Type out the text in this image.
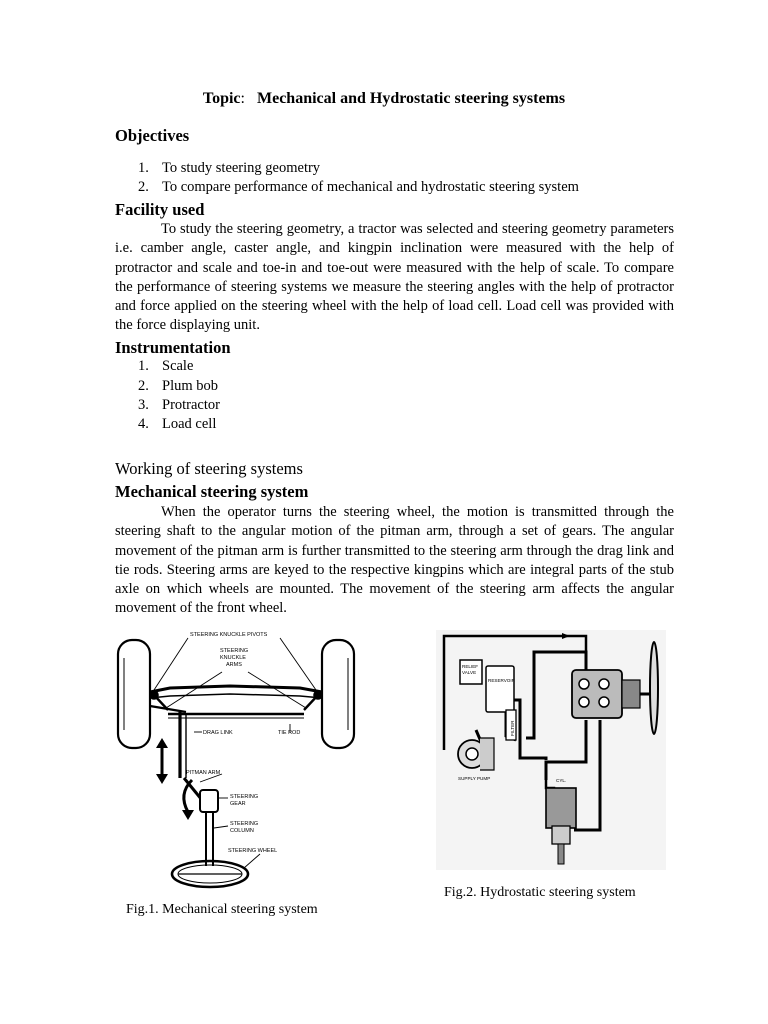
Topic: Mechanical and Hydrostatic steering systems
Objectives
1. To study steering geometry
2. To compare performance of mechanical and hydrostatic steering system
Facility used
To study the steering geometry, a tractor was selected and steering geometry parameters i.e. camber angle, caster angle, and kingpin inclination were measured with the help of protractor and scale and toe-in and toe-out were measured with the help of scale. To compare the performance of steering systems we measure the steering angles with the help of protractor and force applied on the steering wheel with the help of load cell. Load cell was provided with the force displaying unit.
Instrumentation
1. Scale
2. Plum bob
3. Protractor
4. Load cell
Working of steering systems
Mechanical steering system
When the operator turns the steering wheel, the motion is transmitted through the steering shaft to the angular motion of the pitman arm, through a set of gears. The angular movement of the pitman arm is further transmitted to the steering arm through the drag link and tie rods. Steering arms are keyed to the respective kingpins which are integral parts of the stub axle on which wheels are mounted. The movement of the steering arm affects the angular movement of the front wheel.
STEERING KNUCKLE PIVOTS
STEERING
KNUCKLE
ARMS
DRAG LINK	TIE ROD
PITMAN ARM
STEERING
GEAR
STEERING
COLUMN
STEERING WHEEL
Fig.1. Mechanical steering system
RELIEF
VALVE
RESERVOIR
FILTER
SUPPLY PUMP	CYL.
Fig.2. Hydrostatic steering system
